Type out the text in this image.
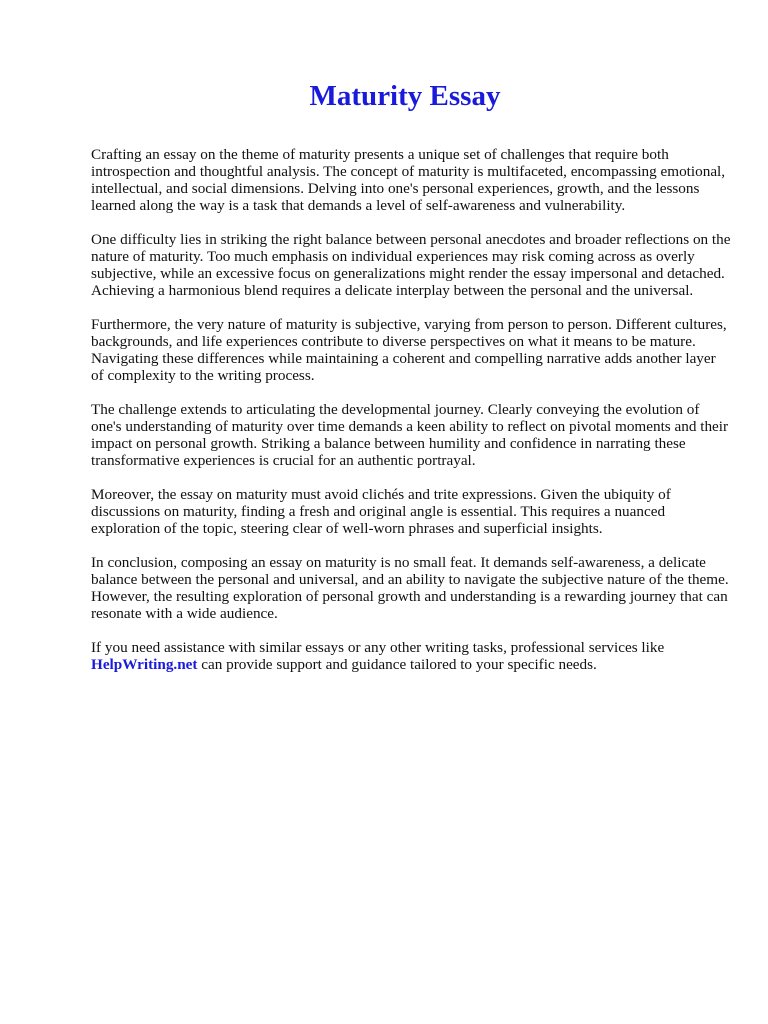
Maturity Essay

Crafting an essay on the theme of maturity presents a unique set of challenges that require both introspection and thoughtful analysis. The concept of maturity is multifaceted, encompassing emotional, intellectual, and social dimensions. Delving into one's personal experiences, growth, and the lessons learned along the way is a task that demands a level of self-awareness and vulnerability.

One difficulty lies in striking the right balance between personal anecdotes and broader reflections on the nature of maturity. Too much emphasis on individual experiences may risk coming across as overly subjective, while an excessive focus on generalizations might render the essay impersonal and detached. Achieving a harmonious blend requires a delicate interplay between the personal and the universal.

Furthermore, the very nature of maturity is subjective, varying from person to person. Different cultures, backgrounds, and life experiences contribute to diverse perspectives on what it means to be mature. Navigating these differences while maintaining a coherent and compelling narrative adds another layer of complexity to the writing process.

The challenge extends to articulating the developmental journey. Clearly conveying the evolution of one's understanding of maturity over time demands a keen ability to reflect on pivotal moments and their impact on personal growth. Striking a balance between humility and confidence in narrating these transformative experiences is crucial for an authentic portrayal.

Moreover, the essay on maturity must avoid clichés and trite expressions. Given the ubiquity of discussions on maturity, finding a fresh and original angle is essential. This requires a nuanced exploration of the topic, steering clear of well-worn phrases and superficial insights.

In conclusion, composing an essay on maturity is no small feat. It demands self-awareness, a delicate balance between the personal and universal, and an ability to navigate the subjective nature of the theme. However, the resulting exploration of personal growth and understanding is a rewarding journey that can resonate with a wide audience.

If you need assistance with similar essays or any other writing tasks, professional services like HelpWriting.net can provide support and guidance tailored to your specific needs.
